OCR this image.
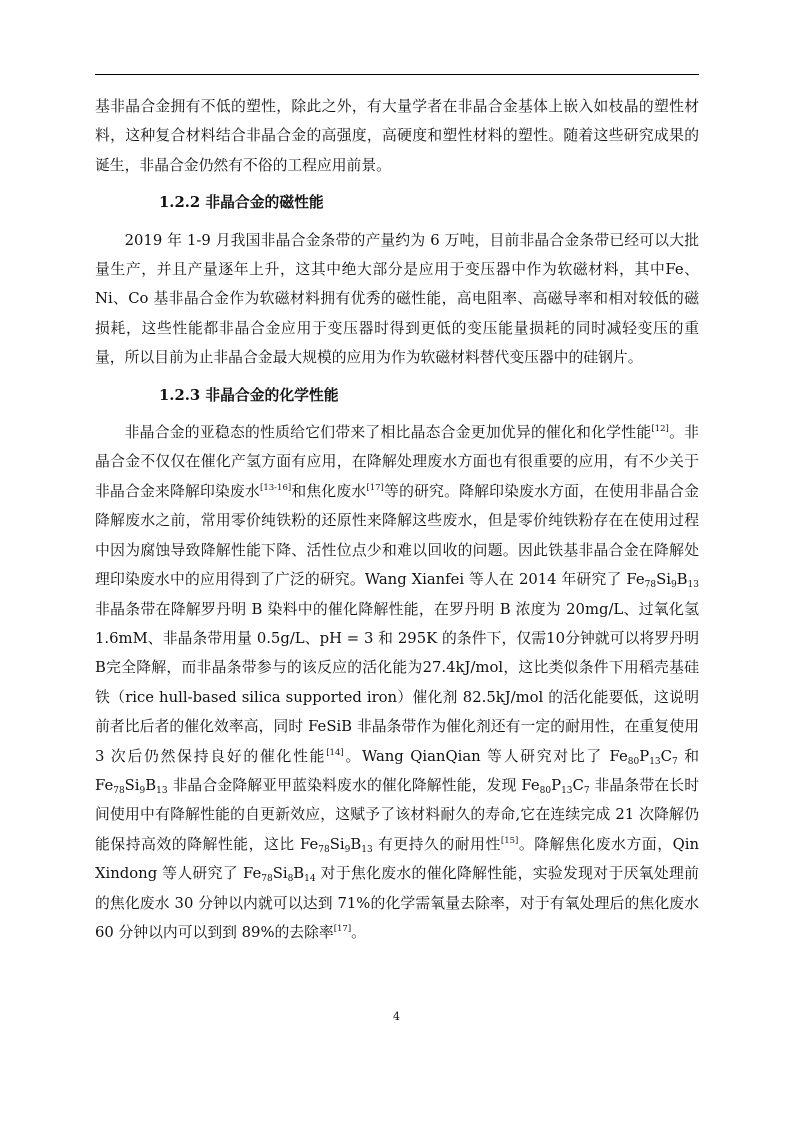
基非晶合金拥有不低的塑性，除此之外，有大量学者在非晶合金基体上嵌入如枝晶的塑性材料，这种复合材料结合非晶合金的高强度，高硬度和塑性材料的塑性。随着这些研究成果的诞生，非晶合金仍然有不俗的工程应用前景。

1.2.2 非晶合金的磁性能

2019 年 1-9 月我国非晶合金条带的产量约为 6 万吨，目前非晶合金条带已经可以大批量生产，并且产量逐年上升，这其中绝大部分是应用于变压器中作为软磁材料，其中Fe、Ni、Co 基非晶合金作为软磁材料拥有优秀的磁性能，高电阻率、高磁导率和相对较低的磁损耗，这些性能都非晶合金应用于变压器时得到更低的变压能量损耗的同时减轻变压的重量，所以目前为止非晶合金最大规模的应用为作为软磁材料替代变压器中的硅钢片。

1.2.3 非晶合金的化学性能

非晶合金的亚稳态的性质给它们带来了相比晶态合金更加优异的催化和化学性能[12]。非晶合金不仅仅在催化产氢方面有应用，在降解处理废水方面也有很重要的应用，有不少关于非晶合金来降解印染废水[13-16]和焦化废水[17]等的研究。降解印染废水方面，在使用非晶合金降解废水之前，常用零价纯铁粉的还原性来降解这些废水，但是零价纯铁粉存在在使用过程中因为腐蚀导致降解性能下降、活性位点少和难以回收的问题。因此铁基非晶合金在降解处理印染废水中的应用得到了广泛的研究。Wang Xianfei 等人在 2014 年研究了 $Fe_{78}Si_9B_{13}$ 非晶条带在降解罗丹明 B 染料中的催化降解性能，在罗丹明 B 浓度为 20mg/L、过氧化氢 1.6mM、非晶条带用量 0.5g/L、pH = 3 和 295K 的条件下，仅需10分钟就可以将罗丹明B完全降解，而非晶条带参与的该反应的活化能为27.4kJ/mol，这比类似条件下用稻壳基硅铁（rice hull-based silica supported iron）催化剂 82.5kJ/mol 的活化能要低，这说明前者比后者的催化效率高，同时 FeSiB 非晶条带作为催化剂还有一定的耐用性，在重复使用 3 次后仍然保持良好的催化性能[14]。Wang QianQian 等人研究对比了 $Fe_{80}P_{13}C_7$ 和 $Fe_{78}Si_9B_{13}$ 非晶合金降解亚甲蓝染料废水的催化降解性能，发现 $Fe_{80}P_{13}C_7$ 非晶条带在长时间使用中有降解性能的自更新效应，这赋予了该材料耐久的寿命,它在连续完成 21 次降解仍能保持高效的降解性能，这比 $Fe_{78}Si_9B_{13}$ 有更持久的耐用性[15]。降解焦化废水方面，Qin Xindong 等人研究了 $Fe_{78}Si_8B_{14}$ 对于焦化废水的催化降解性能，实验发现对于厌氧处理前的焦化废水 30 分钟以内就可以达到 71%的化学需氧量去除率，对于有氧处理后的焦化废水 60 分钟以内可以到到 89%的去除率[17]。

4
